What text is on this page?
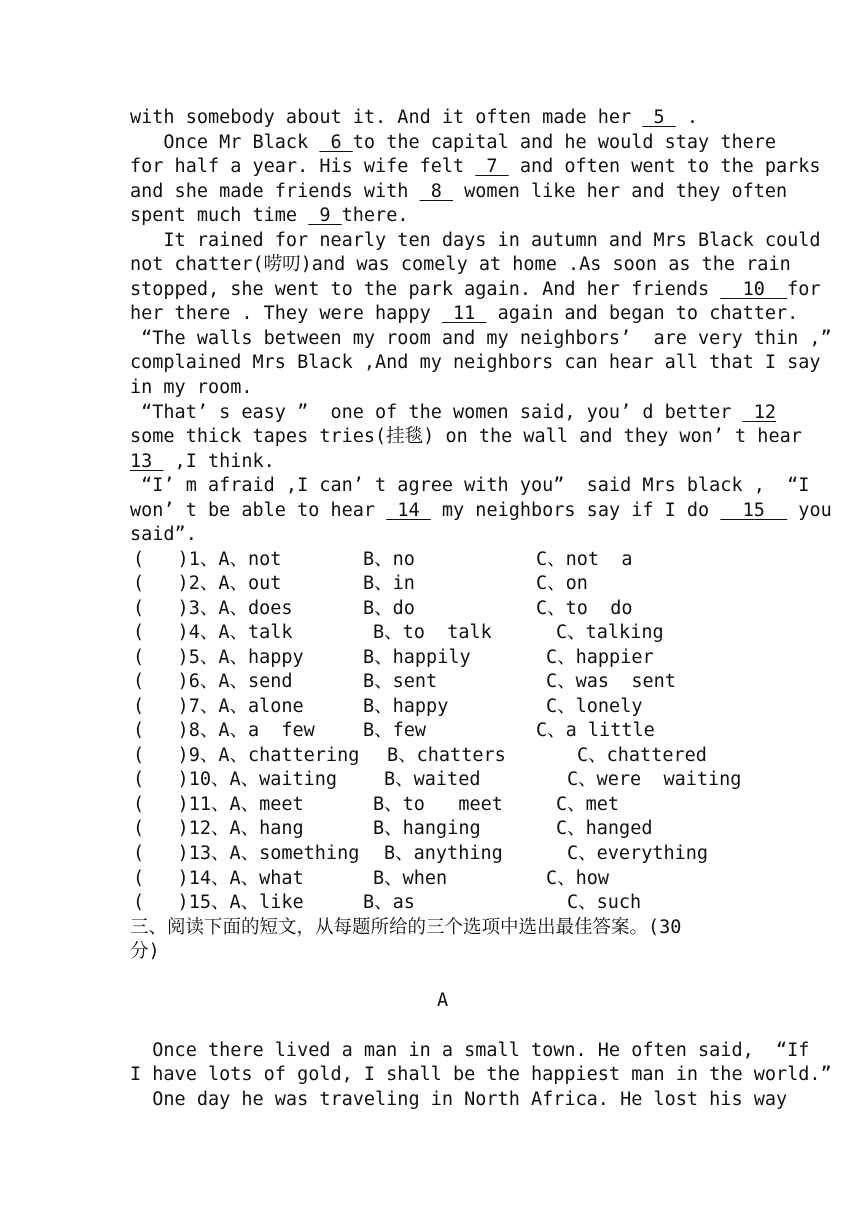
with somebody about it. And it often made her  5  .
Once Mr Black  6 to the capital and he would stay there
for half a year. His wife felt  7  and often went to the parks
and she made friends with  8  women like her and they often
spent much time  9 there.
It rained for nearly ten days in autumn and Mrs Black could
not chatter(唠叨)and was comely at home .As soon as the rain
stopped, she went to the park again. And her friends   10  for
her there . They were happy  11  again and began to chatter.
“The walls between my room and my neighbors’  are very thin ,”
complained Mrs Black ,And my neighbors can hear all that I say
in my room.
“That’ s easy ”  one of the women said, you’ d better  12
some thick tapes tries(挂毯) on the wall and they won’ t hear
13  ,I think.
“I’ m afraid ,I can’ t agree with you”  said Mrs black ,  “I
won’ t be able to hear  14  my neighbors say if I do   15   you
said”.
(   )1、A、not	B、no	C、not  a
(   )2、A、out	B、in	C、on
(   )3、A、does	B、do	C、to  do
(   )4、A、talk	B、to  talk	C、talking
(   )5、A、happy	B、happily	C、happier
(   )6、A、send	B、sent	C、was  sent
(   )7、A、alone	B、happy	C、lonely
(   )8、A、a  few	B、few	C、a little
(   )9、A、chattering B、chatters	C、chattered
(   )10、A、waiting	B、waited	C、were  waiting
(   )11、A、meet	B、to   meet	C、met
(   )12、A、hang	B、hanging	C、hanged
(   )13、A、something B、anything	C、everything
(   )14、A、what	B、when	C、how
(   )15、A、like	B、as	C、such
三、阅读下面的短文，从每题所给的三个选项中选出最佳答案。(30
分)
A
Once there lived a man in a small town. He often said,  “If
I have lots of gold, I shall be the happiest man in the world.”
One day he was traveling in North Africa. He lost his way
